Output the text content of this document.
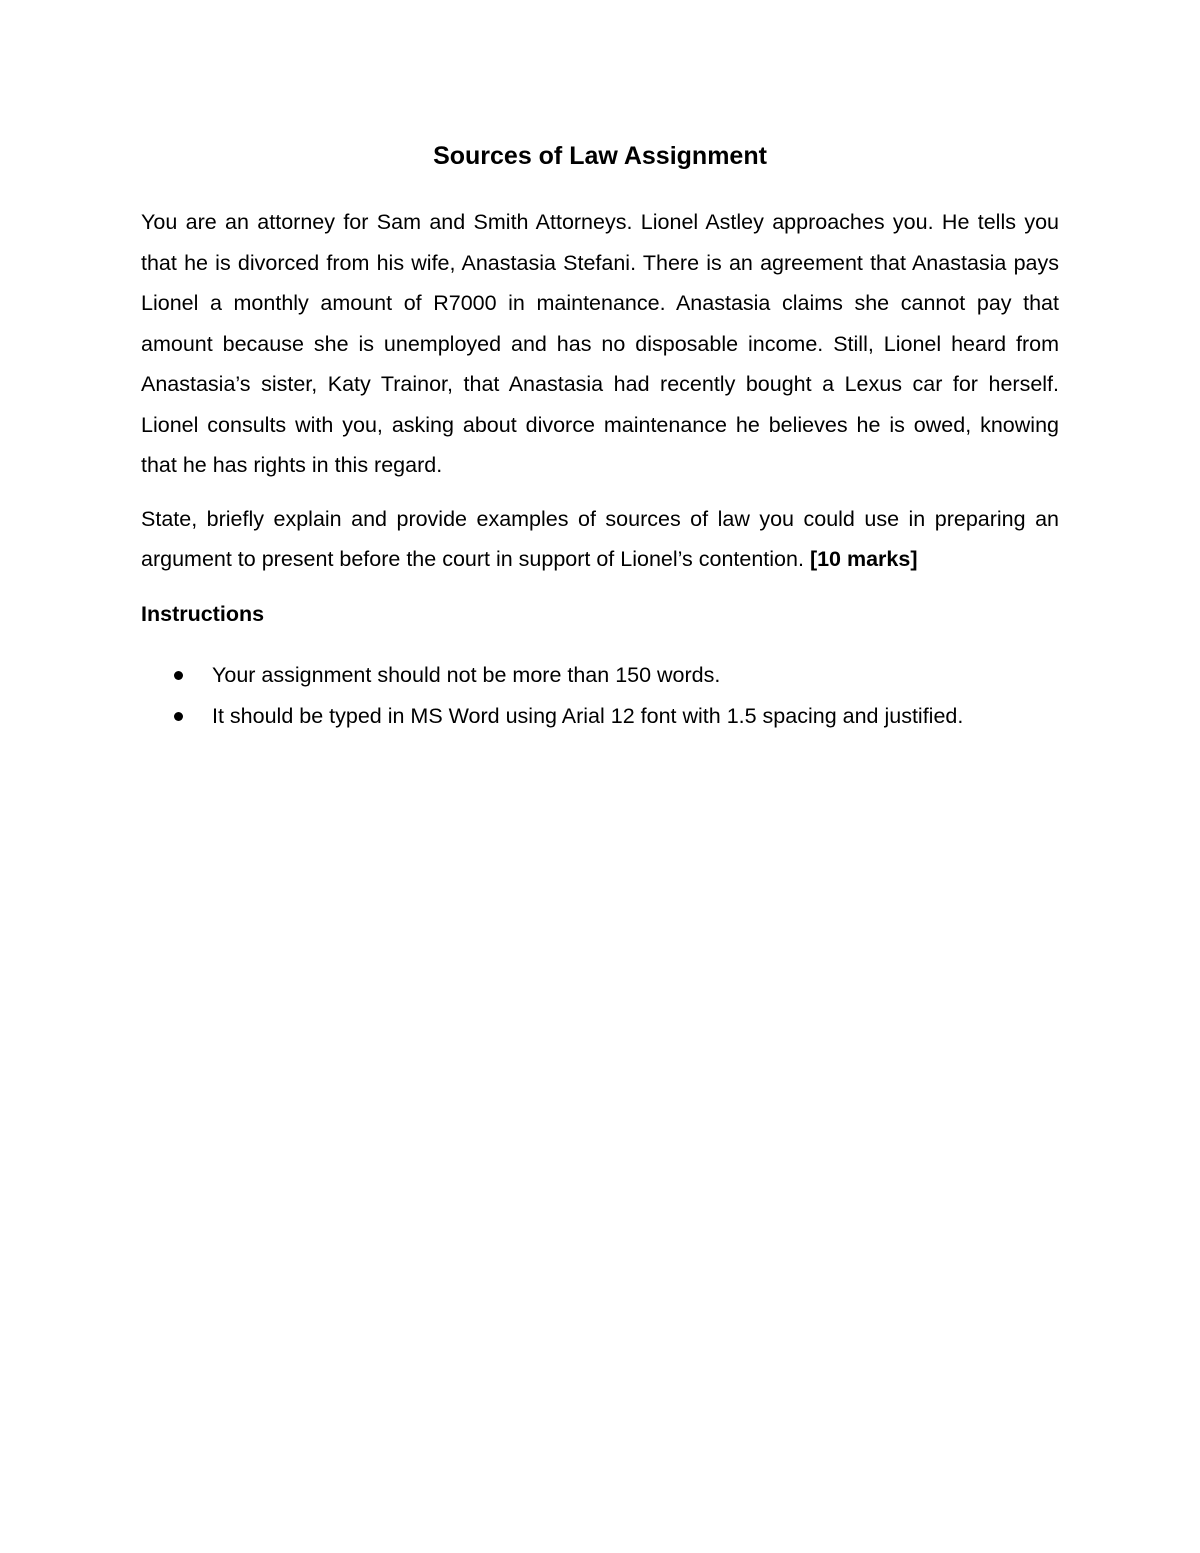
Sources of Law Assignment

You are an attorney for Sam and Smith Attorneys. Lionel Astley approaches you. He tells you that he is divorced from his wife, Anastasia Stefani. There is an agreement that Anastasia pays Lionel a monthly amount of R7000 in maintenance. Anastasia claims she cannot pay that amount because she is unemployed and has no disposable income. Still, Lionel heard from Anastasia’s sister, Katy Trainor, that Anastasia had recently bought a Lexus car for herself. Lionel consults with you, asking about divorce maintenance he believes he is owed, knowing that he has rights in this regard.

State, briefly explain and provide examples of sources of law you could use in preparing an argument to present before the court in support of Lionel’s contention. [10 marks]

Instructions
Your assignment should not be more than 150 words.
It should be typed in MS Word using Arial 12 font with 1.5 spacing and justified.
